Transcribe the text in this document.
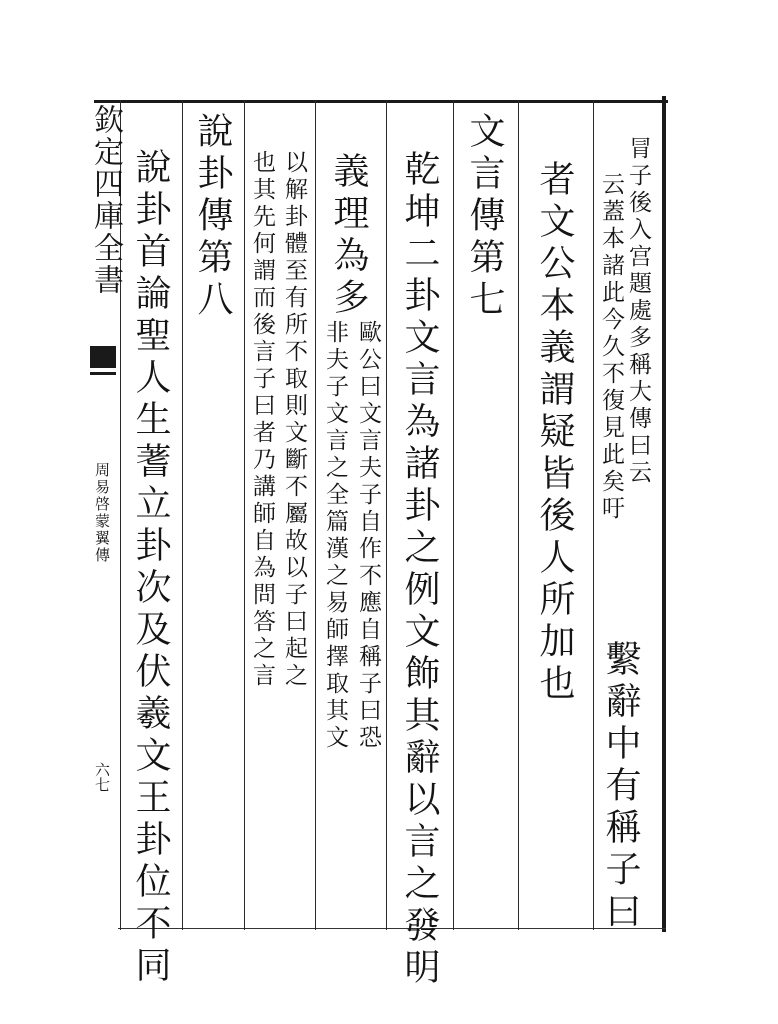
欽定四庫全書
周易啓蒙翼傳
六七
冐子後入宫題處多稱大傳曰云
云蓋本諸此今久不復見此矣吁
繫辭中有稱子曰
者文公本義謂疑皆後人所加也
文言傳第七
乾坤二卦文言為諸卦之例文飾其辭以言之發明
義理為多
歐公曰文言夫子自作不應自稱子曰恐
非夫子文言之全篇漢之易師擇取其文
以解卦體至有所不取則文斷不屬故以子曰起之
也其先何謂而後言子曰者乃講師自為問答之言
說卦傳第八
說卦首論聖人生蓍立卦次及伏羲文王卦位不同
